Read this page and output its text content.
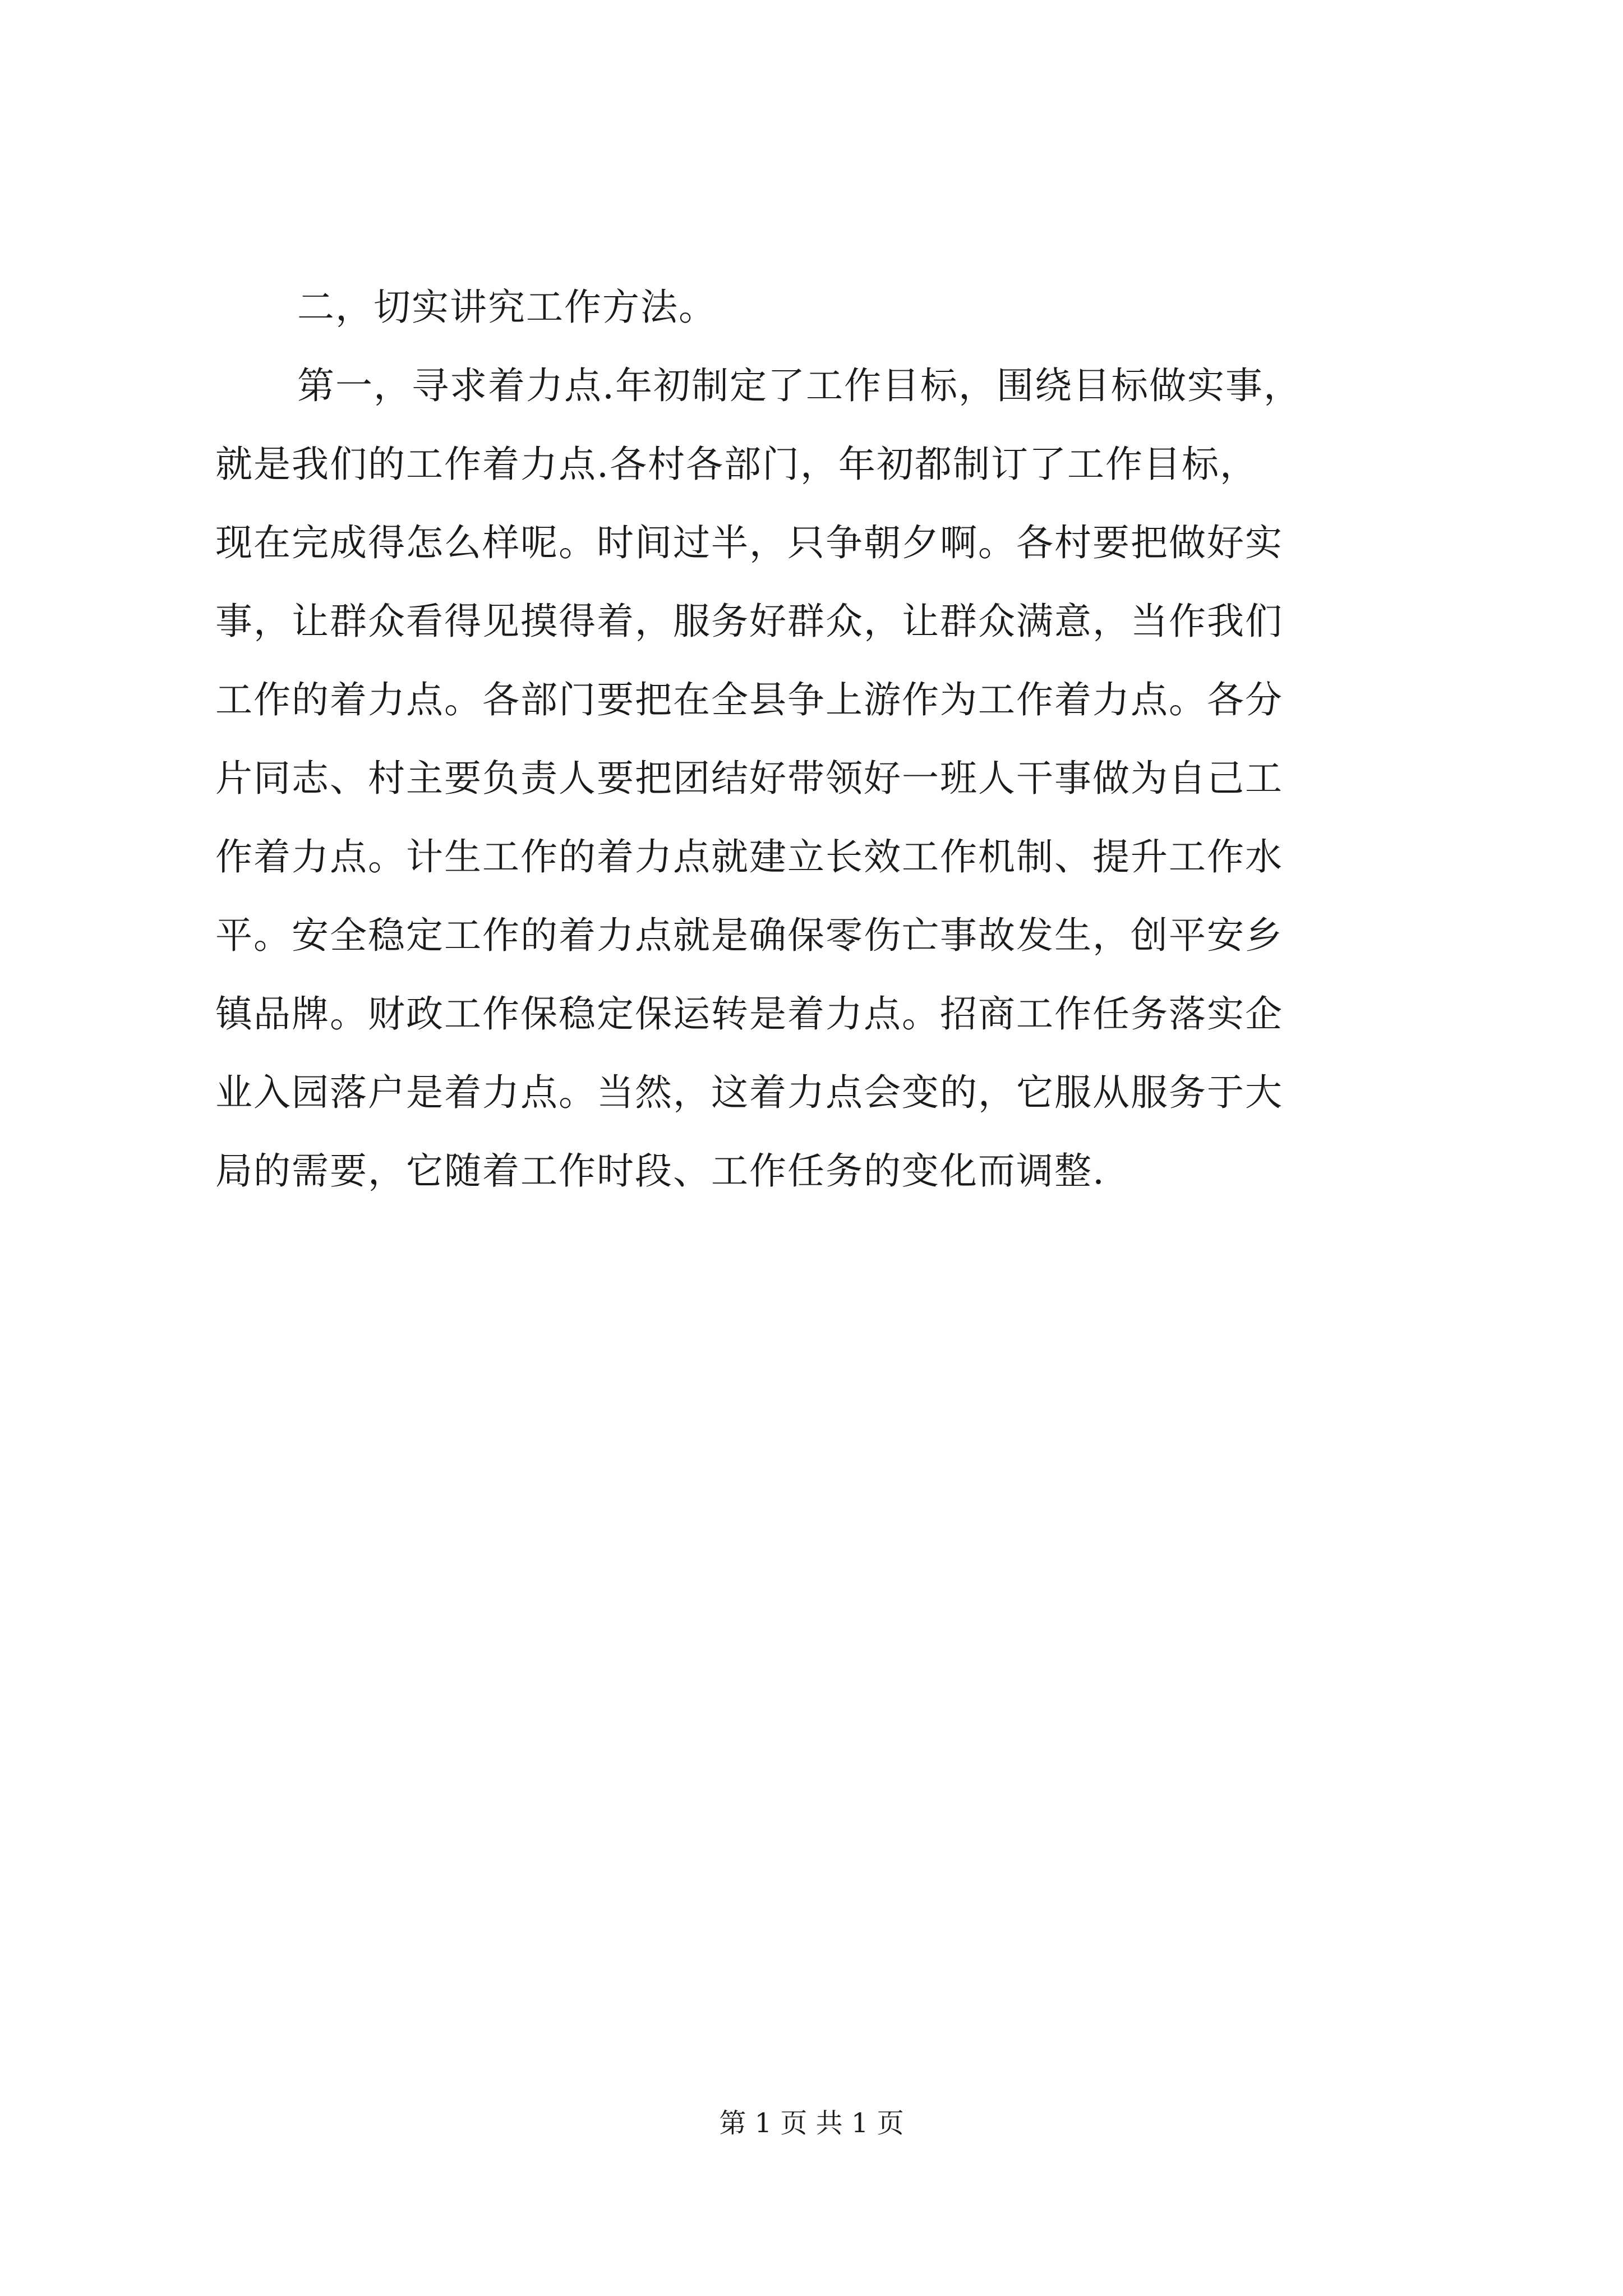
二，切实讲究工作方法。
第一，寻求着力点.年初制定了工作目标，围绕目标做实事，
就是我们的工作着力点.各村各部门，年初都制订了工作目标，
现在完成得怎么样呢。时间过半，只争朝夕啊。各村要把做好实
事，让群众看得见摸得着，服务好群众，让群众满意，当作我们
工作的着力点。各部门要把在全县争上游作为工作着力点。各分
片同志、村主要负责人要把团结好带领好一班人干事做为自己工
作着力点。计生工作的着力点就建立长效工作机制、提升工作水
平。安全稳定工作的着力点就是确保零伤亡事故发生，创平安乡
镇品牌。财政工作保稳定保运转是着力点。招商工作任务落实企
业入园落户是着力点。当然，这着力点会变的，它服从服务于大
局的需要，它随着工作时段、工作任务的变化而调整.
第 1 页 共 1 页
